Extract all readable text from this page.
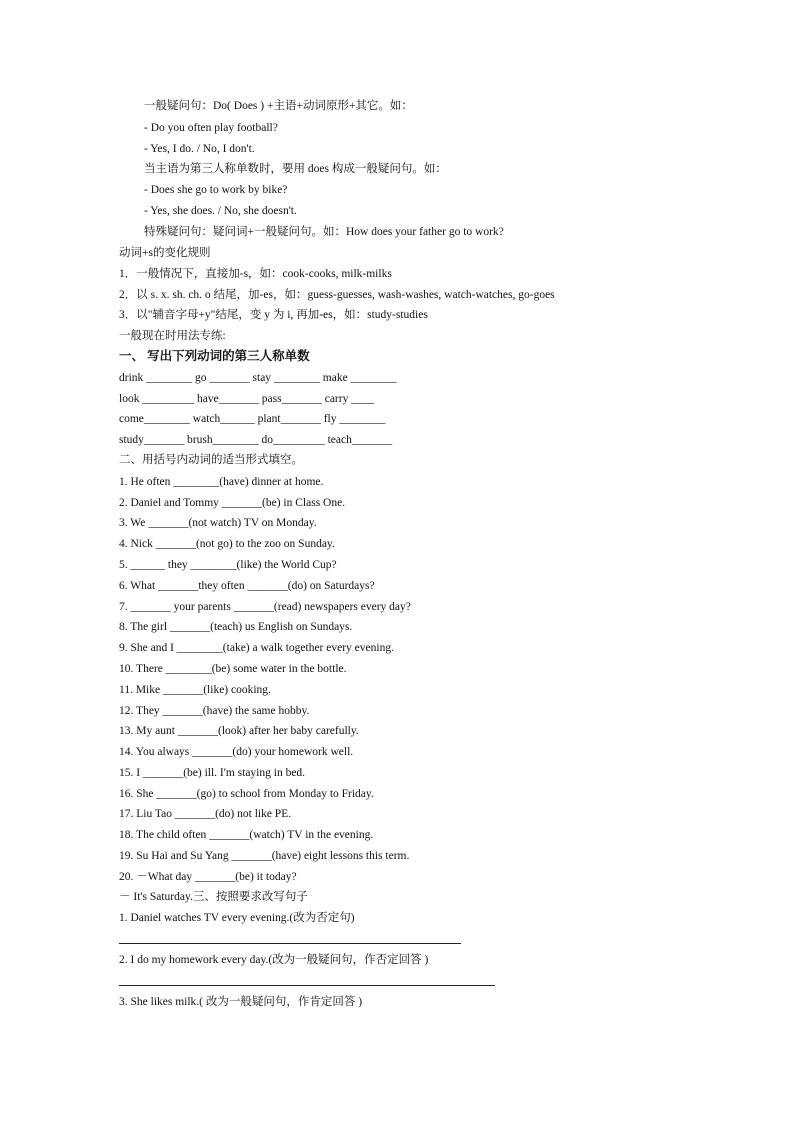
一般疑问句：Do( Does ) +主语+动词原形+其它。如：
- Do you often play football?
- Yes, I do. / No, I don't.
当主语为第三人称单数时，要用 does 构成一般疑问句。如：
- Does she go to work by bike?
- Yes, she does. / No, she doesn't.
特殊疑问句：疑问词+一般疑问句。如：How does your father go to work?
动词+s的变化规则
1．一般情况下，直接加-s，如：cook-cooks, milk-milks
2．以 s. x. sh. ch. o 结尾，加-es，如：guess-guesses, wash-washes, watch-watches, go-goes
3．以"辅音字母+y"结尾，变 y 为 i, 再加-es，如：study-studies
一般现在时用法专练:
一、 写出下列动词的第三人称单数
drink ________ go _______ stay ________ make ________
look _________ have_______ pass_______ carry ____
come________ watch______ plant_______ fly ________
study_______ brush________ do_________ teach_______
二、用括号内动词的适当形式填空。
1. He often ________(have) dinner at home.
2. Daniel and Tommy _______(be) in Class One.
3. We _______(not watch) TV on Monday.
4. Nick _______(not go) to the zoo on Sunday.
5. ______ they ________(like) the World Cup?
6. What _______they often _______(do) on Saturdays?
7. _______ your parents _______(read) newspapers every day?
8. The girl _______(teach) us English on Sundays.
9. She and I ________(take) a walk together every evening.
10. There ________(be) some water in the bottle.
11. Mike _______(like) cooking.
12. They _______(have) the same hobby.
13. My aunt _______(look) after her baby carefully.
14. You always _______(do) your homework well.
15. I _______(be) ill. I'm staying in bed.
16. She _______(go) to school from Monday to Friday.
17. Liu Tao _______(do) not like PE.
18. The child often _______(watch) TV in the evening.
19. Su Hai and Su Yang _______(have) eight lessons this term.
20. －What day _______(be) it today?
－ It's Saturday.三、按照要求改写句子
1. Daniel watches TV every evening.(改为否定句)
2. I do my homework every day.(改为一般疑问句，作否定回答 )
3. She likes milk.( 改为一般疑问句，作肯定回答 )
